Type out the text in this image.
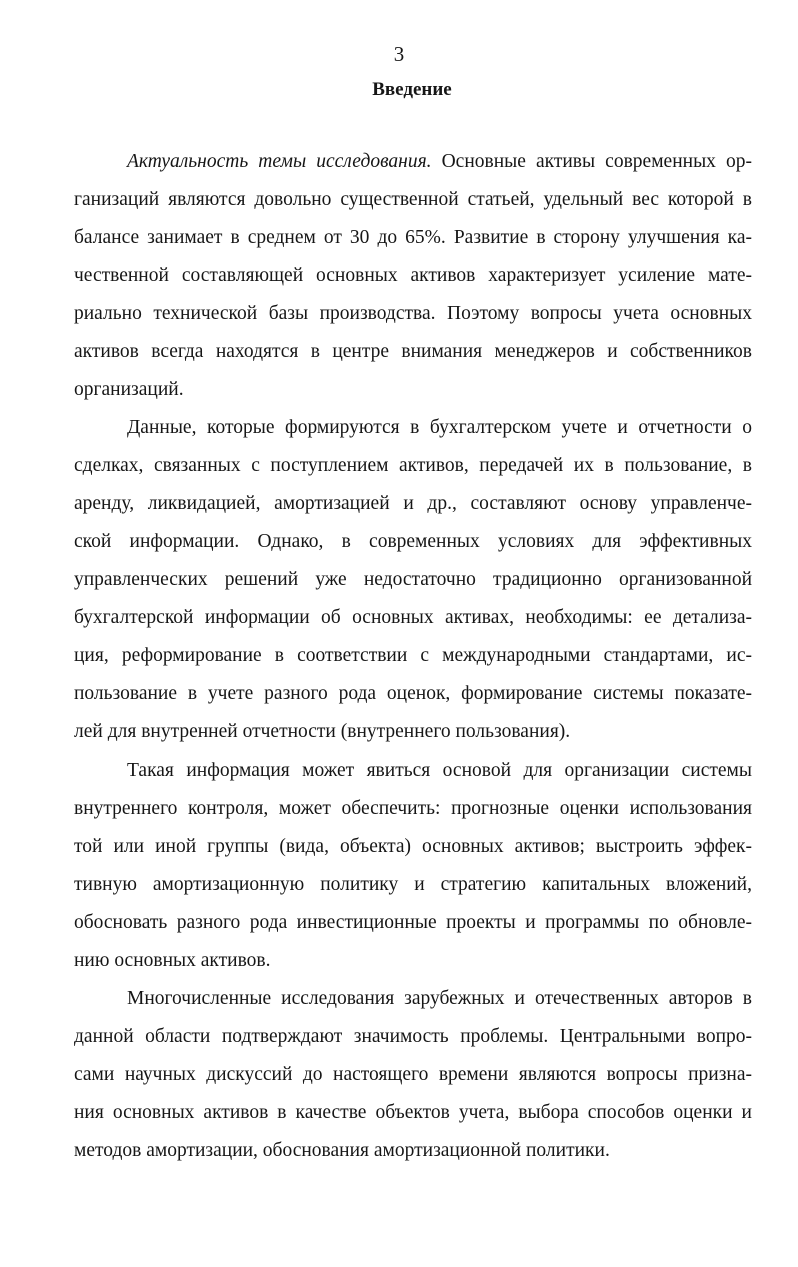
3
Введение
Актуальность темы исследования. Основные активы современных ор-
ганизаций являются довольно существенной статьей, удельный вес которой в
балансе занимает в среднем от 30 до 65%. Развитие в сторону улучшения ка-
чественной составляющей основных активов характеризует усиление мате-
риально технической базы производства. Поэтому вопросы учета основных
активов всегда находятся в центре внимания менеджеров и собственников
организаций.
Данные, которые формируются в бухгалтерском учете и отчетности о
сделках, связанных с поступлением активов, передачей их в пользование, в
аренду, ликвидацией, амортизацией и др., составляют основу управленче-
ской информации. Однако, в современных условиях для эффективных
управленческих решений уже недостаточно традиционно организованной
бухгалтерской информации об основных активах, необходимы: ее детализа-
ция, реформирование в соответствии с международными стандартами, ис-
пользование в учете разного рода оценок, формирование системы показате-
лей для внутренней отчетности (внутреннего пользования).
Такая информация может явиться основой для организации системы
внутреннего контроля, может обеспечить: прогнозные оценки использования
той или иной группы (вида, объекта) основных активов; выстроить эффек-
тивную амортизационную политику и стратегию капитальных вложений,
обосновать разного рода инвестиционные проекты и программы по обновле-
нию основных активов.
Многочисленные исследования зарубежных и отечественных авторов в
данной области подтверждают значимость проблемы. Центральными вопро-
сами научных дискуссий до настоящего времени являются вопросы призна-
ния основных активов в качестве объектов учета, выбора способов оценки и
методов амортизации, обоснования амортизационной политики.
